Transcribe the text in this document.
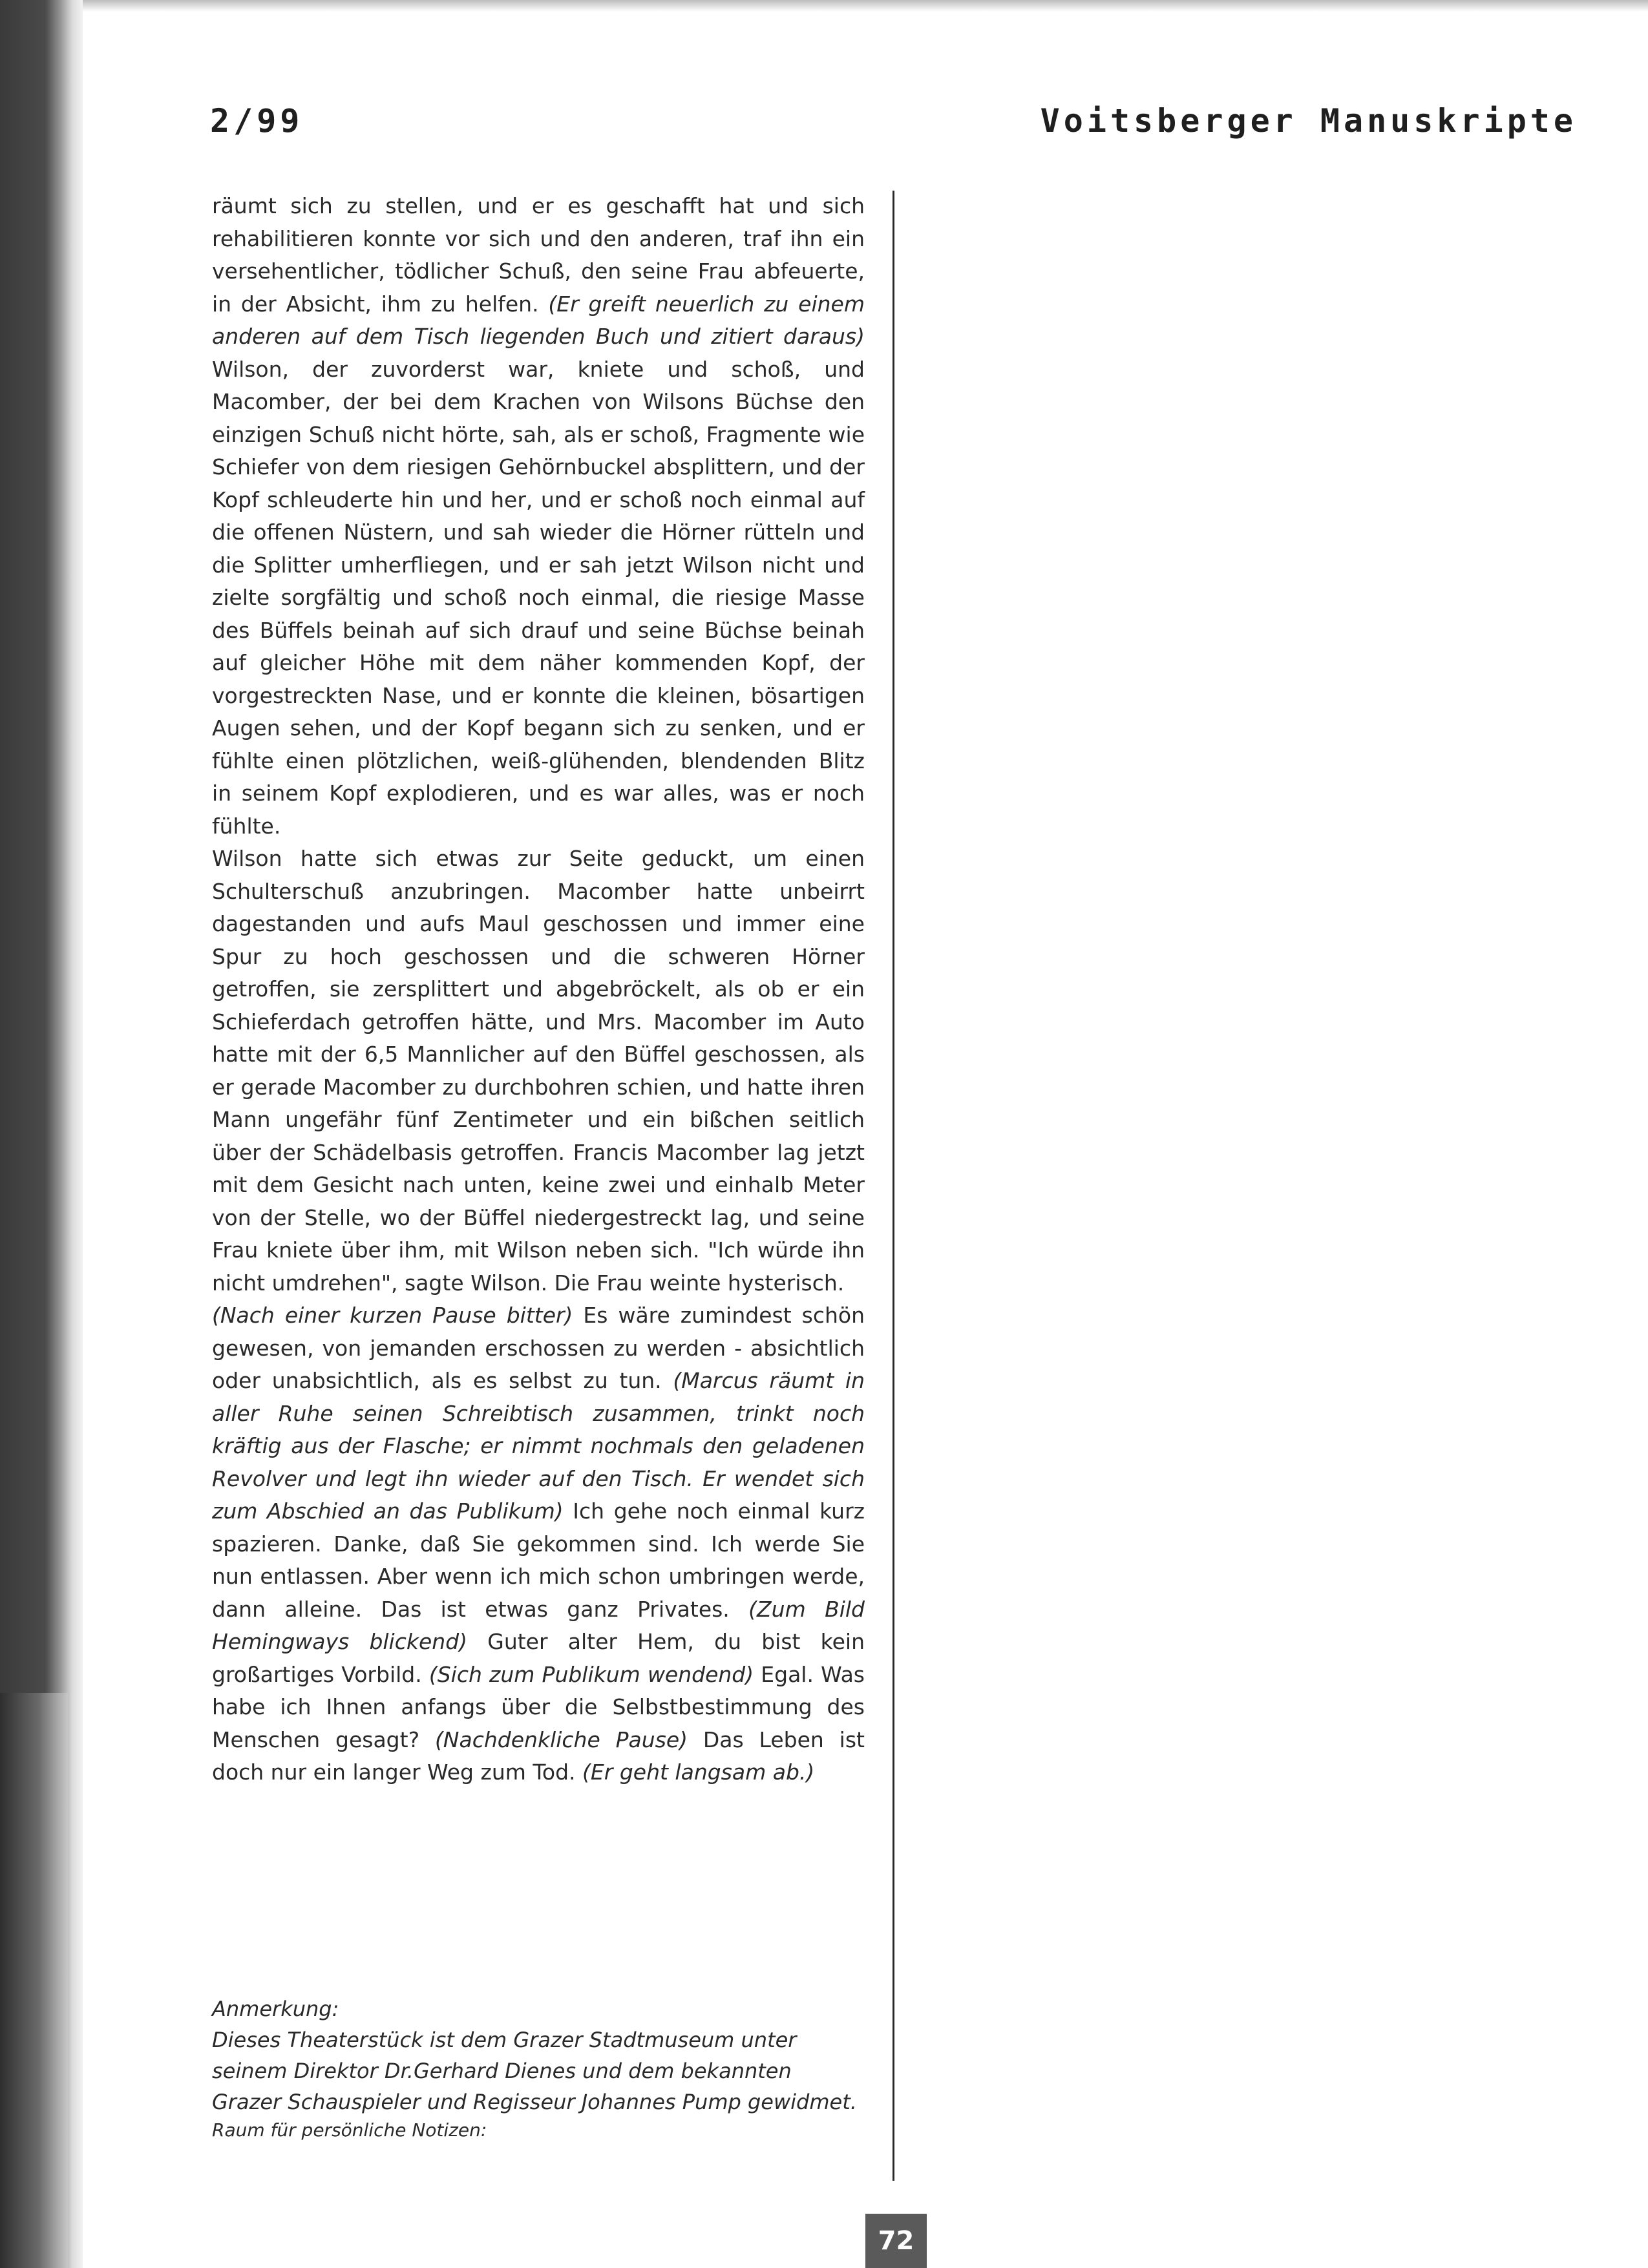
2/99	Voitsberger Manuskripte

räumt sich zu stellen, und er es geschafft hat und sich rehabilitieren konnte vor sich und den anderen, traf ihn ein versehentlicher, tödlicher Schuß, den seine Frau abfeuerte, in der Absicht, ihm zu helfen. (Er greift neuerlich zu einem anderen auf dem Tisch liegenden Buch und zitiert daraus) Wilson, der zuvorderst war, kniete und schoß, und Macomber, der bei dem Krachen von Wilsons Büchse den einzigen Schuß nicht hörte, sah, als er schoß, Fragmente wie Schiefer von dem riesigen Gehörnbuckel absplittern, und der Kopf schleuderte hin und her, und er schoß noch einmal auf die offenen Nüstern, und sah wieder die Hörner rütteln und die Splitter umherfliegen, und er sah jetzt Wilson nicht und zielte sorgfältig und schoß noch einmal, die riesige Masse des Büffels beinah auf sich drauf und seine Büchse beinah auf gleicher Höhe mit dem näher kommenden Kopf, der vorgestreckten Nase, und er konnte die kleinen, bösartigen Augen sehen, und der Kopf begann sich zu senken, und er fühlte einen plötzlichen, weiß-glühenden, blendenden Blitz in seinem Kopf explodieren, und es war alles, was er noch fühlte.

Wilson hatte sich etwas zur Seite geduckt, um einen Schulterschuß anzubringen. Macomber hatte unbeirrt dagestanden und aufs Maul geschossen und immer eine Spur zu hoch geschossen und die schweren Hörner getroffen, sie zersplittert und abgebröckelt, als ob er ein Schieferdach getroffen hätte, und Mrs. Macomber im Auto hatte mit der 6,5 Mannlicher auf den Büffel geschossen, als er gerade Macomber zu durchbohren schien, und hatte ihren Mann ungefähr fünf Zentimeter und ein bißchen seitlich über der Schädelbasis getroffen. Francis Macomber lag jetzt mit dem Gesicht nach unten, keine zwei und einhalb Meter von der Stelle, wo der Büffel niedergestreckt lag, und seine Frau kniete über ihm, mit Wilson neben sich. "Ich würde ihn nicht umdrehen", sagte Wilson. Die Frau weinte hysterisch.

(Nach einer kurzen Pause bitter) Es wäre zumindest schön gewesen, von jemanden erschossen zu werden - absichtlich oder unabsichtlich, als es selbst zu tun. (Marcus räumt in aller Ruhe seinen Schreibtisch zusammen, trinkt noch kräftig aus der Flasche; er nimmt nochmals den geladenen Revolver und legt ihn wieder auf den Tisch. Er wendet sich zum Abschied an das Publikum) Ich gehe noch einmal kurz spazieren. Danke, daß Sie gekommen sind. Ich werde Sie nun entlassen. Aber wenn ich mich schon umbringen werde, dann alleine. Das ist etwas ganz Privates. (Zum Bild Hemingways blickend) Guter alter Hem, du bist kein großartiges Vorbild. (Sich zum Publikum wendend) Egal. Was habe ich Ihnen anfangs über die Selbstbestimmung des Menschen gesagt? (Nachdenkliche Pause) Das Leben ist doch nur ein langer Weg zum Tod. (Er geht langsam ab.)

Anmerkung:

Dieses Theaterstück ist dem Grazer Stadtmuseum unter seinem Direktor Dr.Gerhard Dienes und dem bekannten Grazer Schauspieler und Regisseur Johannes Pump gewidmet.

Raum für persönliche Notizen:

72
